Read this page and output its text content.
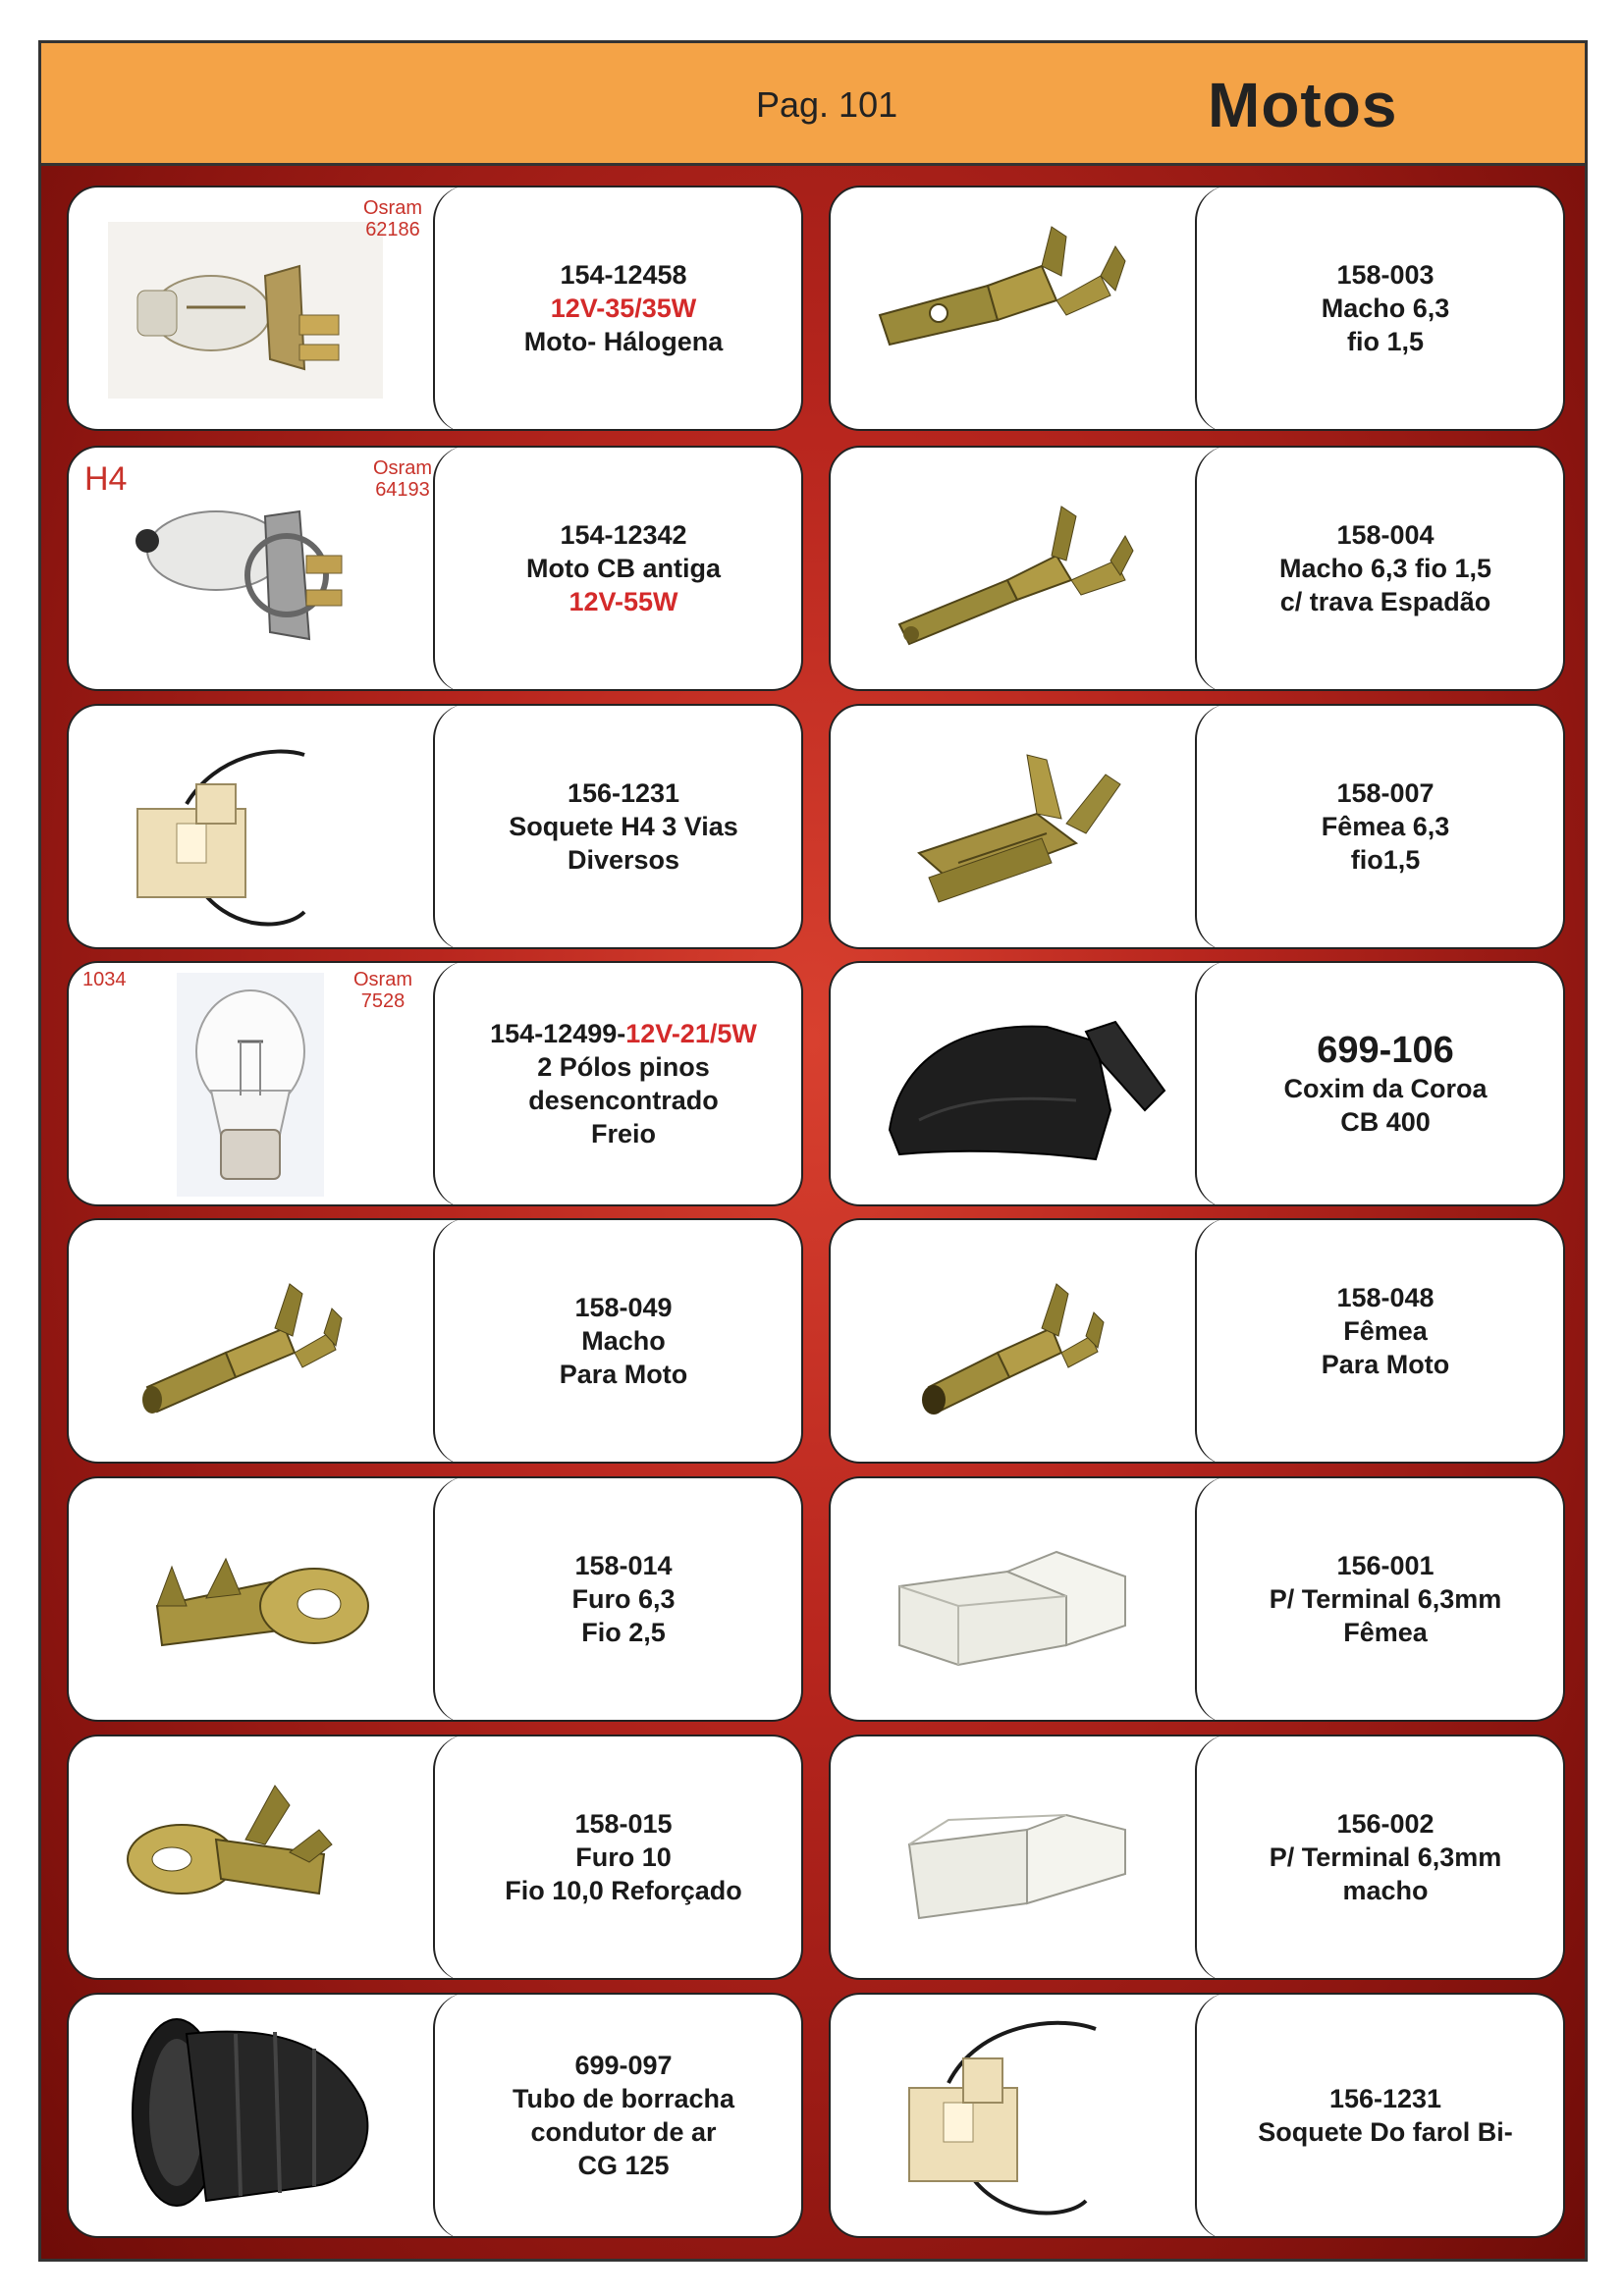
Pag. 101	Motos
Osram
62186
154-12458
12V-35/35W
Moto- Hálogena
158-003
Macho 6,3
fio 1,5
H4	Osram
64193
154-12342
Moto CB antiga
12V-55W
158-004
Macho 6,3 fio 1,5
c/ trava Espadão
156-1231
Soquete H4 3 Vias
Diversos
158-007
Fêmea 6,3
fio1,5
1034	Osram
7528
154-12499-12V-21/5W
2 Pólos pinos
desencontrado
Freio
699-106
Coxim da Coroa
CB 400
158-049
Macho
Para Moto
158-048
Fêmea
Para Moto
158-014
Furo 6,3
Fio 2,5
156-001
P/ Terminal 6,3mm
Fêmea
158-015
Furo 10
Fio 10,0 Reforçado
156-002
P/ Terminal 6,3mm
macho
699-097
Tubo de borracha
condutor de ar
CG 125
156-1231
Soquete Do farol Bi-
